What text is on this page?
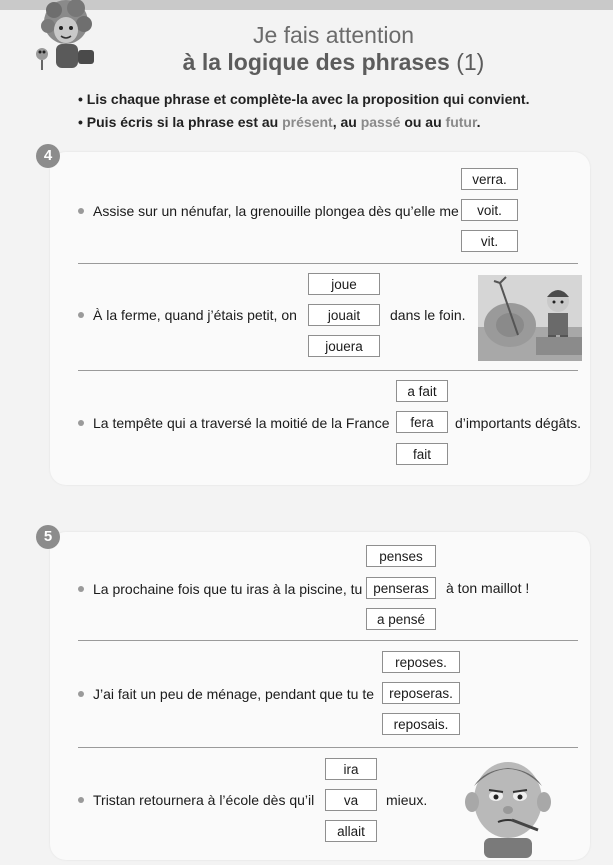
Je fais attention
à la logique des phrases (1)
• Lis chaque phrase et complète-la avec la proposition qui convient.
• Puis écris si la phrase est au présent, au passé ou au futur.
4
verra.
Assise sur un nénufar, la grenouille plongea dès qu’elle me	voit.
vit.
joue
À la ferme, quand j’étais petit, on	jouait	dans le foin.
jouera
a fait
La tempête qui a traversé la moitié de la France	fera	d’importants dégâts.
fait
5
penses
La prochaine fois que tu iras à la piscine, tu penseras	à ton maillot !
a pensé
reposes.
J’ai fait un peu de ménage, pendant que tu te	reposeras.
reposais.
ira
Tristan retournera à l’école dès qu’il	va	mieux.
allait
